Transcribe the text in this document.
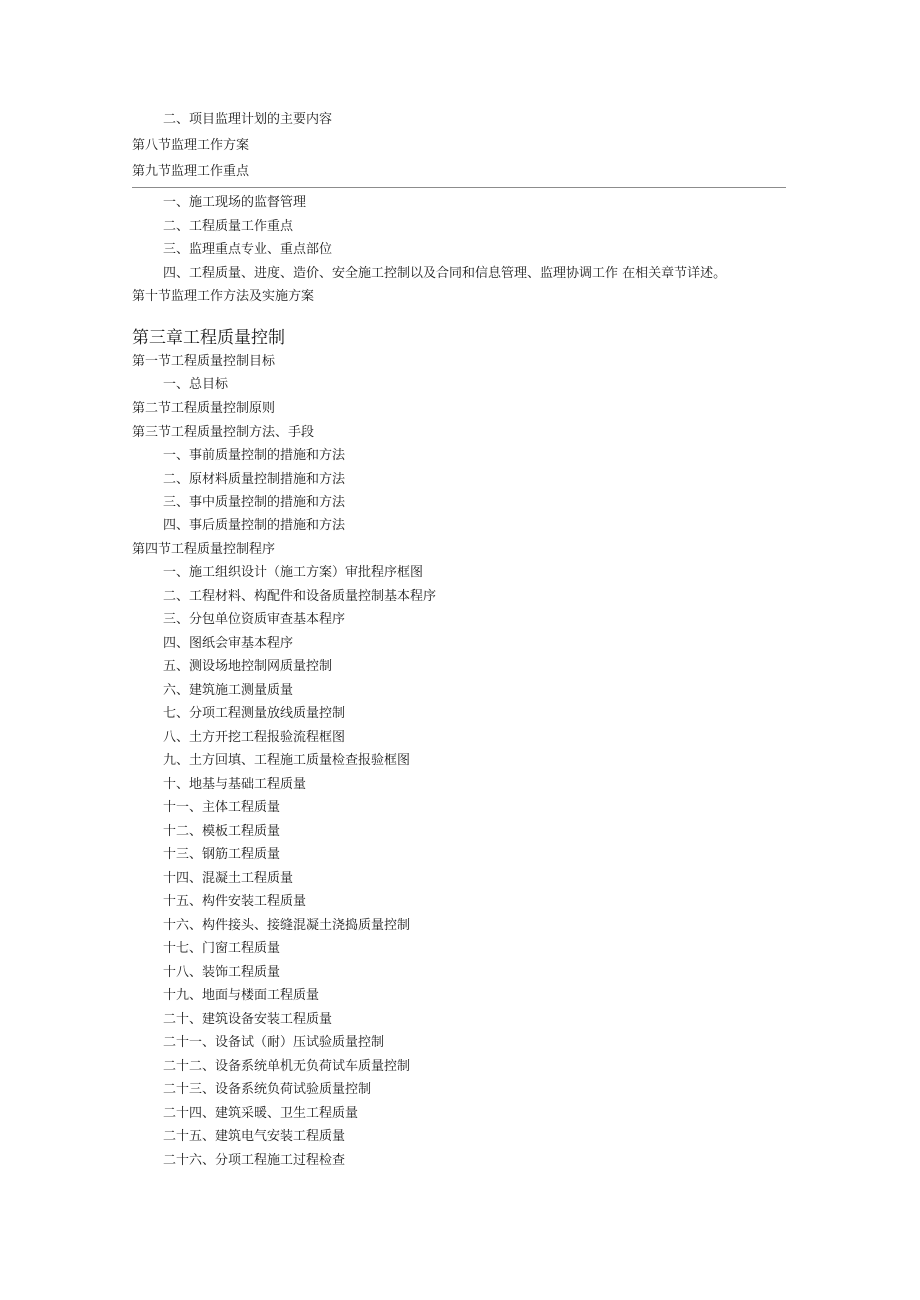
二、项目监理计划的主要内容
第八节监理工作方案
第九节监理工作重点
一、施工现场的监督管理
二、工程质量工作重点
三、监理重点专业、重点部位
四、工程质量、进度、造价、安全施工控制以及合同和信息管理、监理协调工作 在相关章节详述。
第十节监理工作方法及实施方案
第三章工程质量控制
第一节工程质量控制目标
一、总目标
第二节工程质量控制原则
第三节工程质量控制方法、手段
一、事前质量控制的措施和方法
二、原材料质量控制措施和方法
三、事中质量控制的措施和方法
四、事后质量控制的措施和方法
第四节工程质量控制程序
一、施工组织设计（施工方案）审批程序框图
二、工程材料、构配件和设备质量控制基本程序
三、分包单位资质审查基本程序
四、图纸会审基本程序
五、测设场地控制网质量控制
六、建筑施工测量质量
七、分项工程测量放线质量控制
八、土方开挖工程报验流程框图
九、土方回填、工程施工质量检查报验框图
十、地基与基础工程质量
十一、主体工程质量
十二、模板工程质量
十三、钢筋工程质量
十四、混凝土工程质量
十五、构件安装工程质量
十六、构件接头、接缝混凝土浇捣质量控制
十七、门窗工程质量
十八、装饰工程质量
十九、地面与楼面工程质量
二十、建筑设备安装工程质量
二十一、设备试（耐）压试验质量控制
二十二、设备系统单机无负荷试车质量控制
二十三、设备系统负荷试验质量控制
二十四、建筑采暖、卫生工程质量
二十五、建筑电气安装工程质量
二十六、分项工程施工过程检查
